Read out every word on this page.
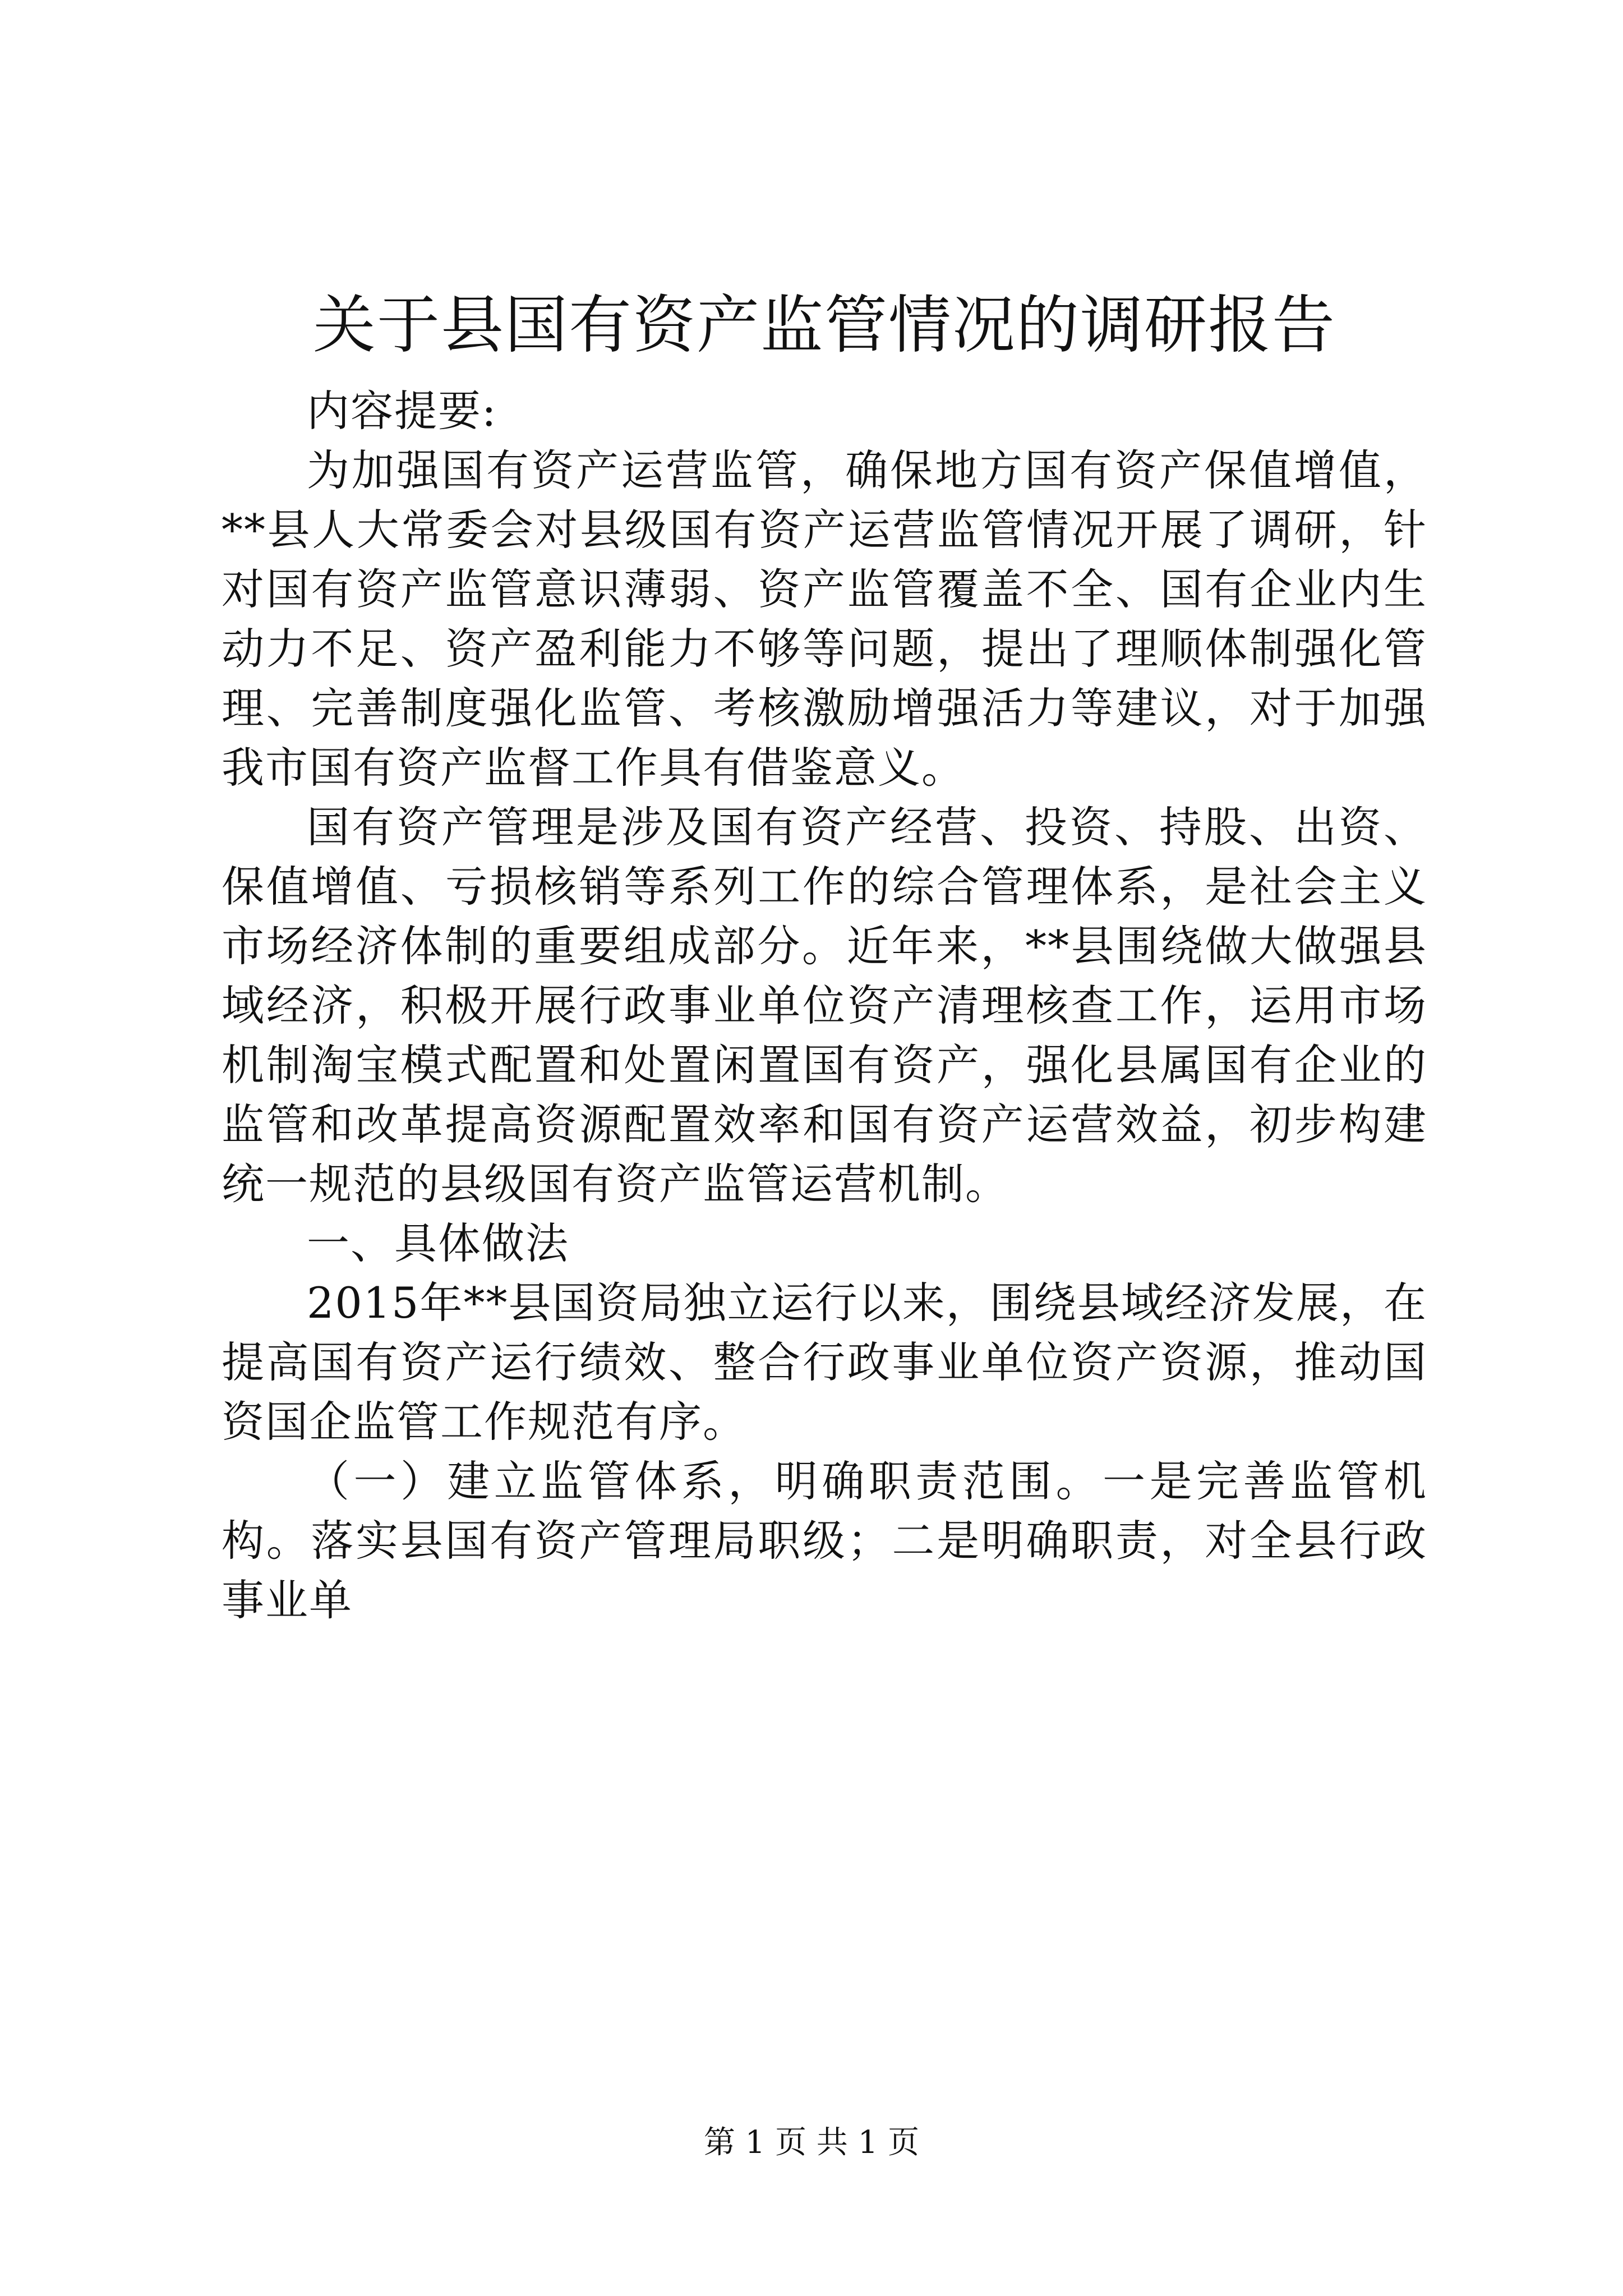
关于县国有资产监管情况的调研报告

内容提要:

为加强国有资产运营监管，确保地方国有资产保值增值，**县人大常委会对县级国有资产运营监管情况开展了调研，针对国有资产监管意识薄弱、资产监管覆盖不全、国有企业内生动力不足、资产盈利能力不够等问题，提出了理顺体制强化管理、完善制度强化监管、考核激励增强活力等建议，对于加强我市国有资产监督工作具有借鉴意义。

国有资产管理是涉及国有资产经营、投资、持股、出资、保值增值、亏损核销等系列工作的综合管理体系，是社会主义市场经济体制的重要组成部分。近年来，**县围绕做大做强县域经济，积极开展行政事业单位资产清理核查工作，运用市场机制淘宝模式配置和处置闲置国有资产，强化县属国有企业的监管和改革提高资源配置效率和国有资产运营效益，初步构建统一规范的县级国有资产监管运营机制。

一、具体做法

2015年**县国资局独立运行以来，围绕县域经济发展，在提高国有资产运行绩效、整合行政事业单位资产资源，推动国资国企监管工作规范有序。

（一）建立监管体系，明确职责范围。一是完善监管机构。落实县国有资产管理局职级；二是明确职责，对全县行政事业单

第 1 页 共 1 页
